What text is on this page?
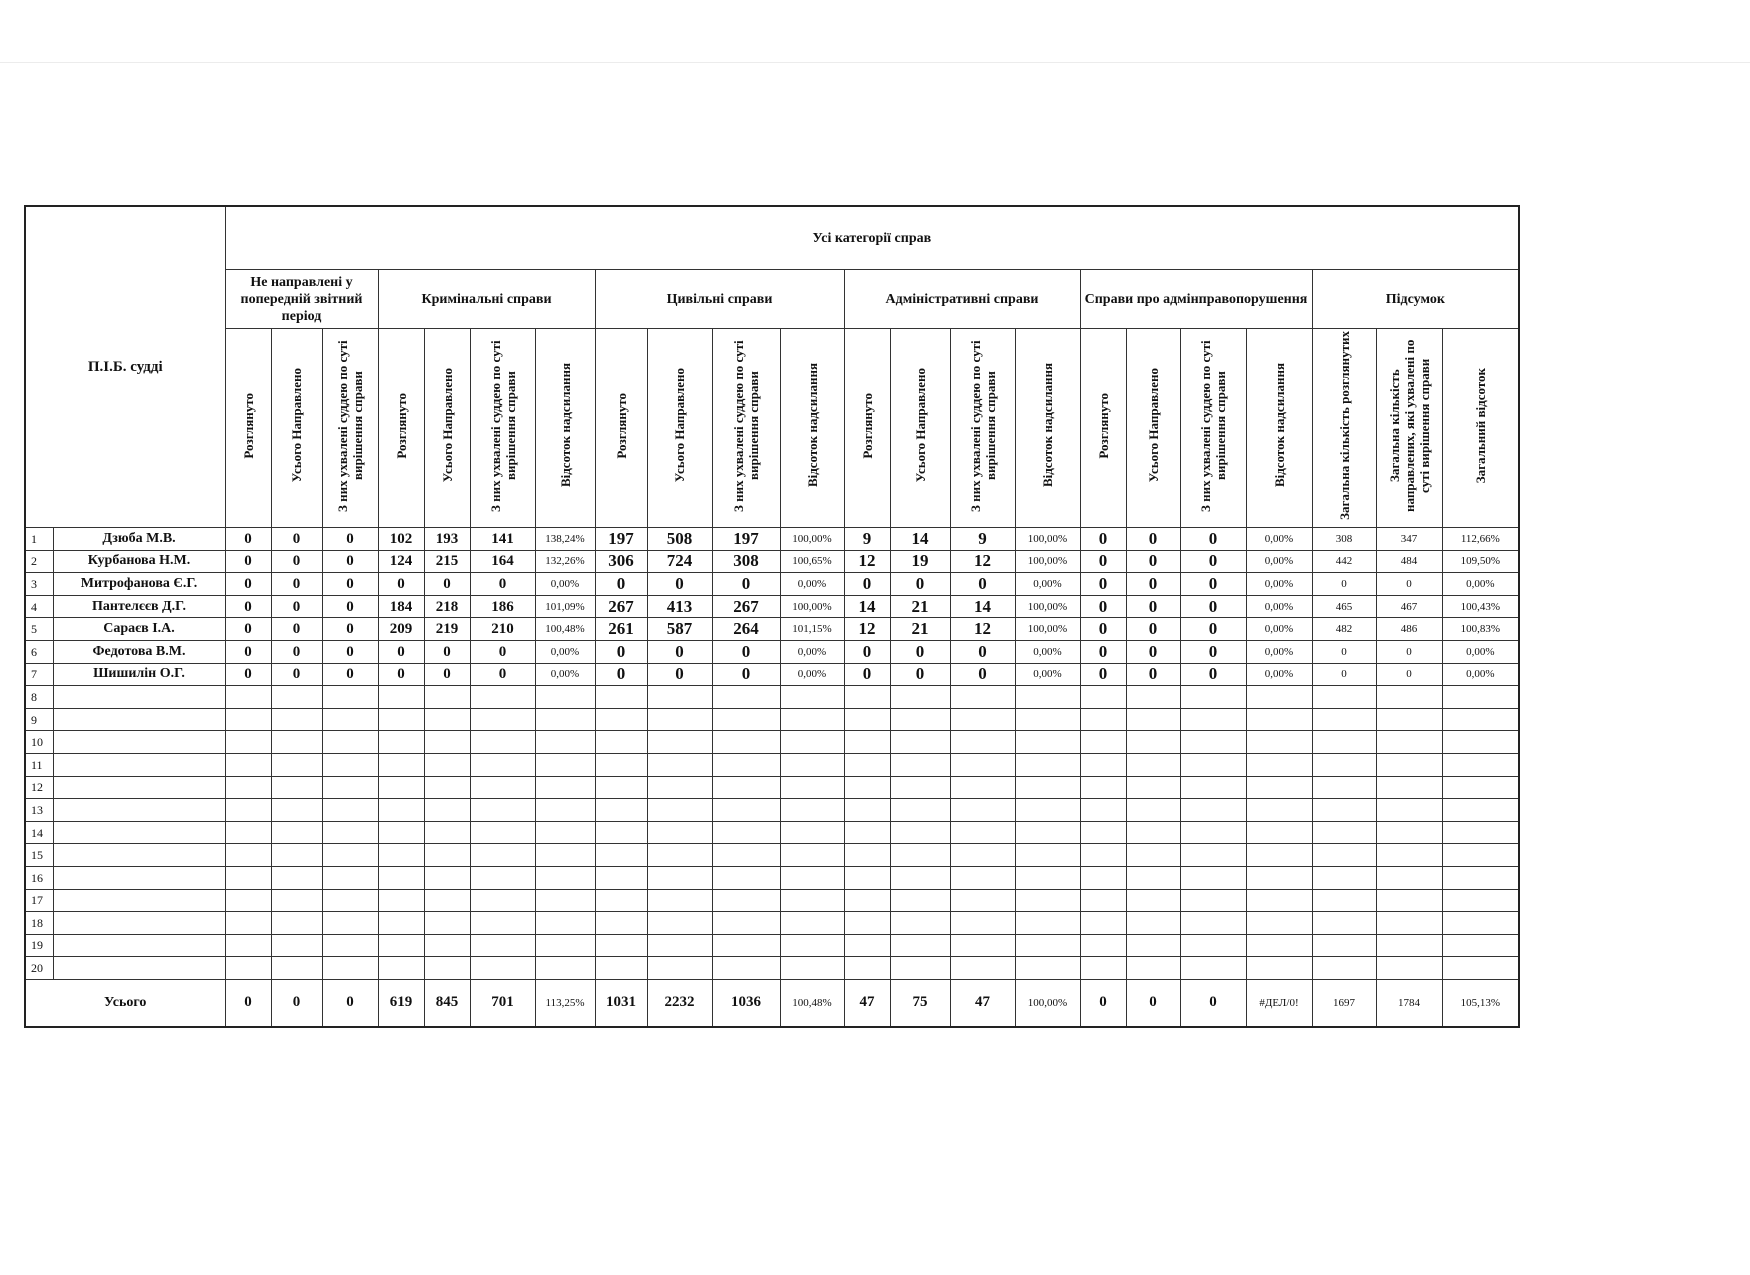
П.І.Б. судді		Усі категорії справ																					
		Не направлені у попередній звітний період			Кримінальні справи				Цивільні справи				Адміністративні справи				Справи про адмінправопорушення				Підсумок		
		Розглянуто	Усього Направлено	З них ухвалені суддею по суті вирішення справи	Розглянуто	Усього Направлено	З них ухвалені суддею по суті вирішення справи	Відсоток надсилання	Розглянуто	Усього Направлено	З них ухвалені суддею по суті вирішення справи	Відсоток надсилання	Розглянуто	Усього Направлено	З них ухвалені суддею по суті вирішення справи	Відсоток надсилання	Розглянуто	Усього Направлено	З них ухвалені суддею по суті вирішення справи	Відсоток надсилання	Загальна кількість розглянутих	Загальна кількість направлених, які ухвалені по суті вирішення справи	Загальний відсоток
1	Дзюба М.В.	0	0	0	102	193	141	138,24%	197	508	197	100,00%	9	14	9	100,00%	0	0	0	0,00%	308	347	112,66%
2	Курбанова Н.М.	0	0	0	124	215	164	132,26%	306	724	308	100,65%	12	19	12	100,00%	0	0	0	0,00%	442	484	109,50%
3	Митрофанова Є.Г.	0	0	0	0	0	0	0,00%	0	0	0	0,00%	0	0	0	0,00%	0	0	0	0,00%	0	0	0,00%
4	Пантелєєв Д.Г.	0	0	0	184	218	186	101,09%	267	413	267	100,00%	14	21	14	100,00%	0	0	0	0,00%	465	467	100,43%
5	Сараєв І.А.	0	0	0	209	219	210	100,48%	261	587	264	101,15%	12	21	12	100,00%	0	0	0	0,00%	482	486	100,83%
6	Федотова В.М.	0	0	0	0	0	0	0,00%	0	0	0	0,00%	0	0	0	0,00%	0	0	0	0,00%	0	0	0,00%
7	Шишилін О.Г.	0	0	0	0	0	0	0,00%	0	0	0	0,00%	0	0	0	0,00%	0	0	0	0,00%	0	0	0,00%
8																							
9																							
10																							
11																							
12																							
13																							
14																							
15																							
16																							
17																							
18																							
19																							
20																							
Усього		0	0	0	619	845	701	113,25%	1031	2232	1036	100,48%	47	75	47	100,00%	0	0	0	#ДЕЛ/0!	1697	1784	105,13%
